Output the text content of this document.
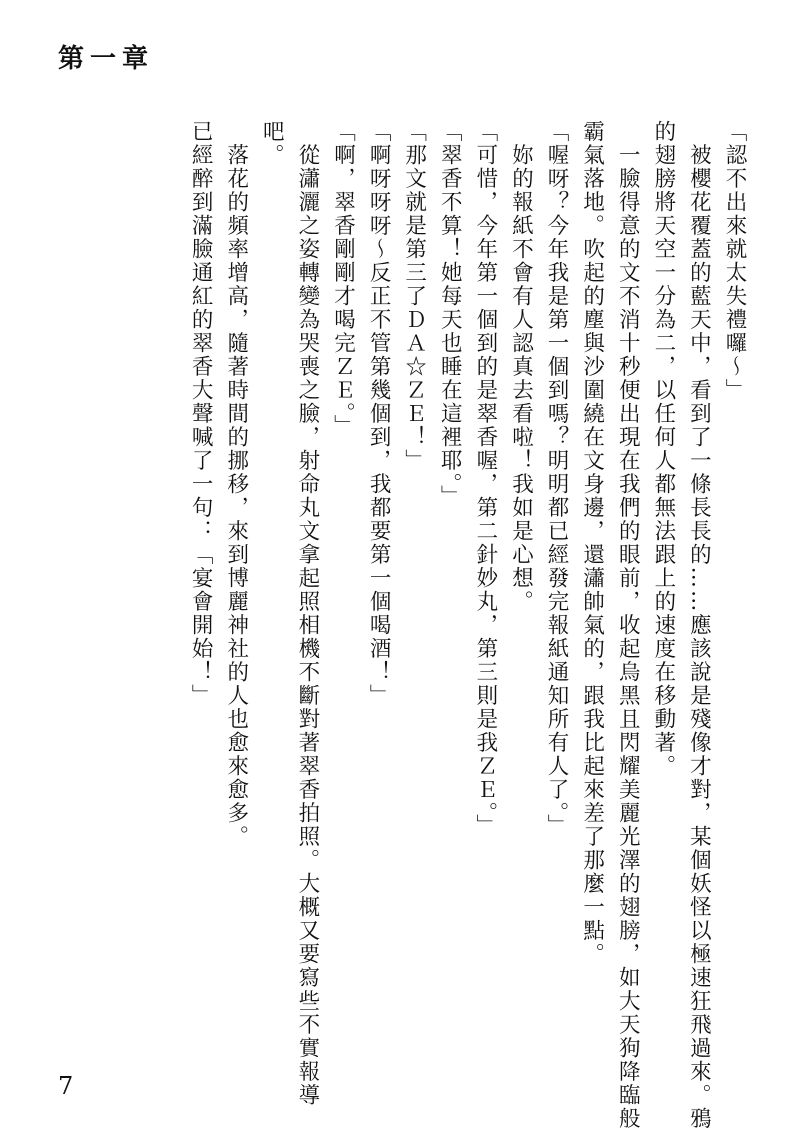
第一章
「認不出來就太失禮囉～」
　被櫻花覆蓋的藍天中，看到了一條長長的……應該說是殘像才對，某個妖怪以極速狂飛過來。鴉
的翅膀將天空一分為二，以任何人都無法跟上的速度在移動著。
　一臉得意的文不消十秒便出現在我們的眼前，收起烏黑且閃耀美麗光澤的翅膀，如大天狗降臨般
霸氣落地。吹起的塵與沙圍繞在文身邊，還瀟帥氣的，跟我比起來差了那麼一點。
「喔呀？今年我是第一個到嗎？明明都已經發完報紙通知所有人了。」
　妳的報紙不會有人認真去看啦！我如是心想。
「可惜，今年第一個到的是翠香喔，第二針妙丸，第三則是我ＺＥ。」
「翠香不算！她每天也睡在這裡耶。」
「那文就是第三了ＤＡ☆ＺＥ！」
「啊呀呀呀～反正不管第幾個到，我都要第一個喝酒！」
「啊，翠香剛剛才喝完ＺＥ。」
　從瀟灑之姿轉變為哭喪之臉，射命丸文拿起照相機不斷對著翠香拍照。大概又要寫些不實報導
吧。
　落花的頻率增高，隨著時間的挪移，來到博麗神社的人也愈來愈多。
已經醉到滿臉通紅的翠香大聲喊了一句：「宴會開始！」
7
